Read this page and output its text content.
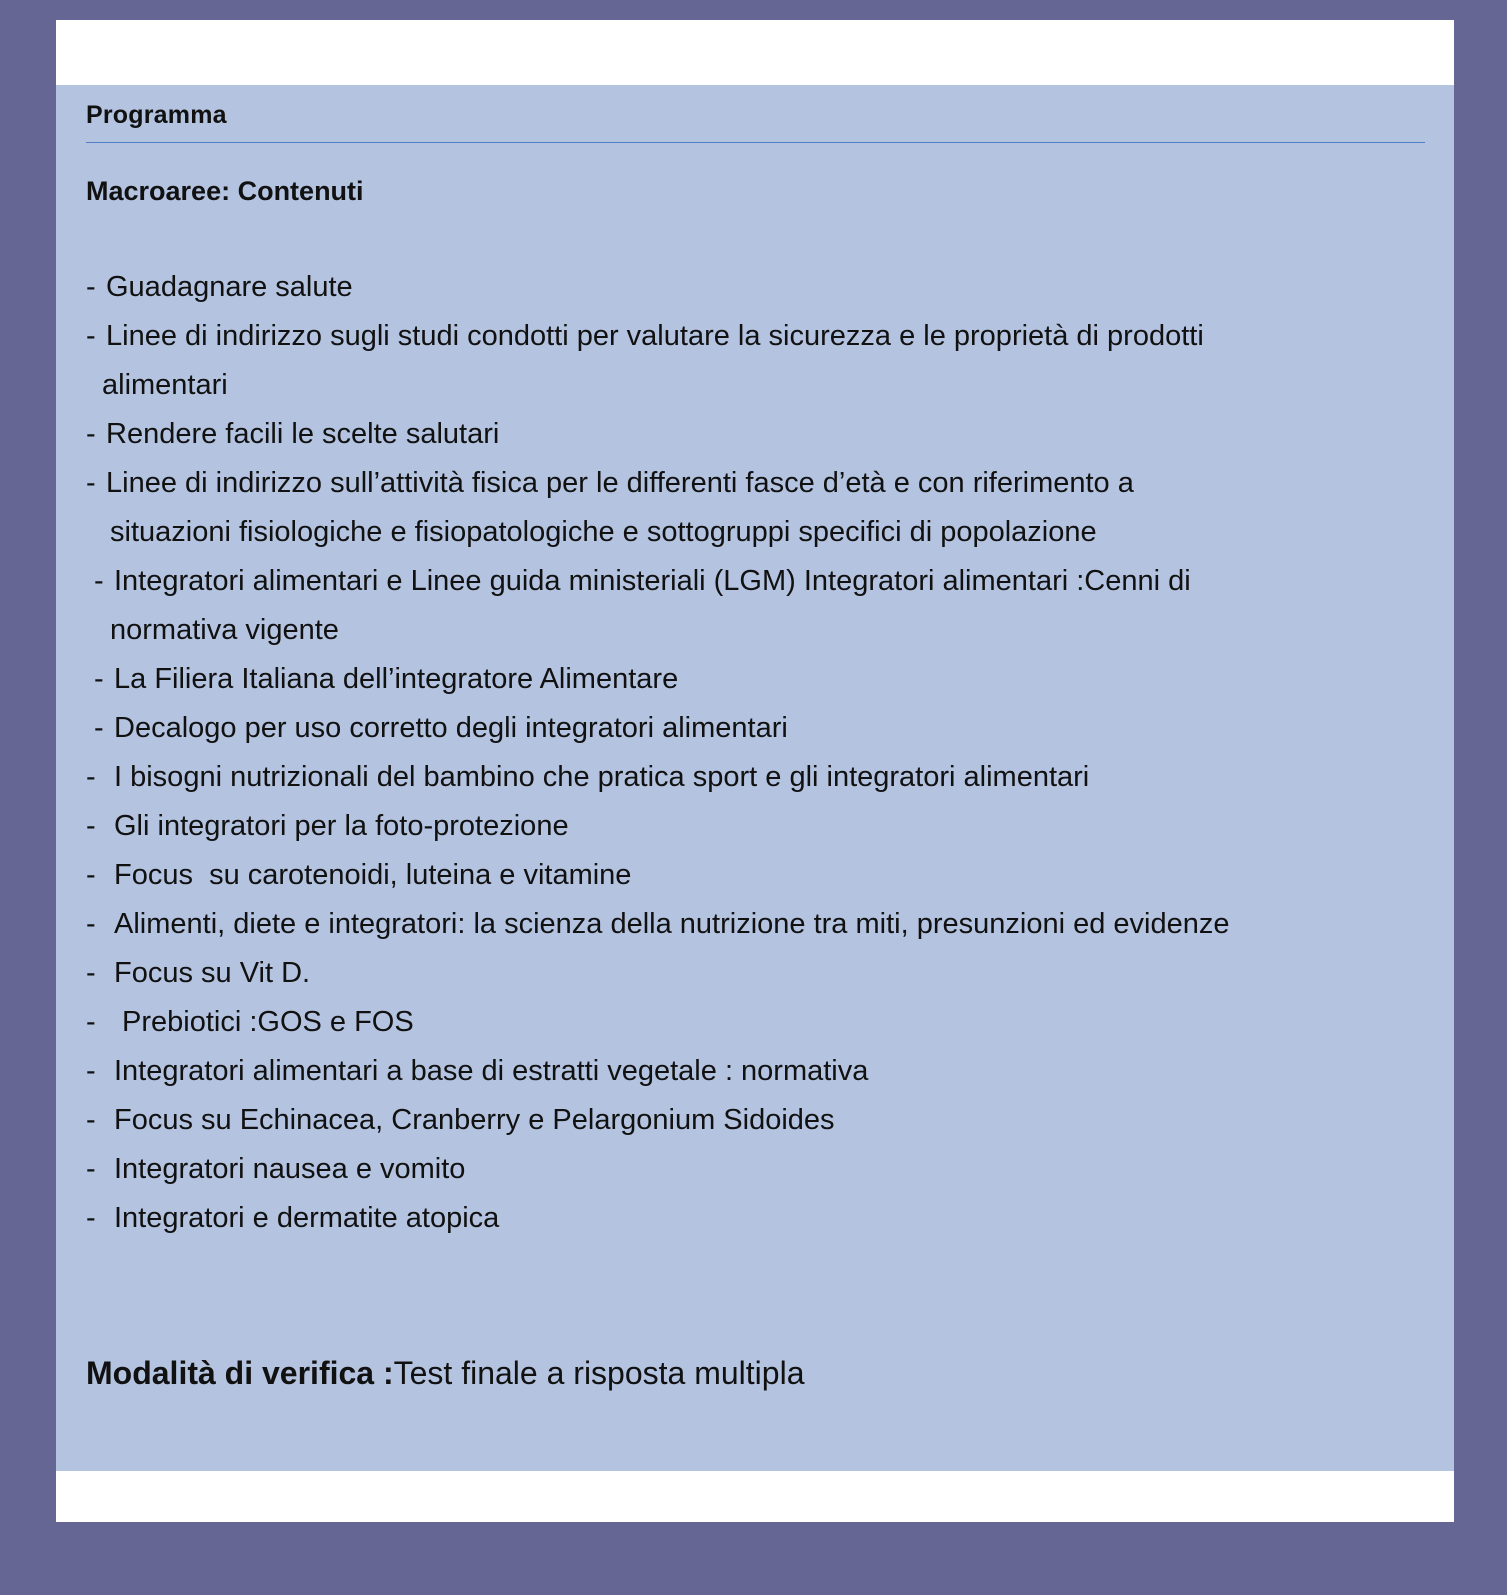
Programma
Macroaree: Contenuti
- Guadagnare salute
- Linee di indirizzo sugli studi condotti per valutare la sicurezza e le proprietà di prodotti
alimentari
- Rendere facili le scelte salutari
- Linee di indirizzo sull’attività fisica per le differenti fasce d’età e con riferimento a
situazioni fisiologiche e fisiopatologiche e sottogruppi specifici di popolazione
- Integratori alimentari e Linee guida ministeriali (LGM) Integratori alimentari :Cenni di
normativa vigente
- La Filiera Italiana dell’integratore Alimentare
- Decalogo per uso corretto degli integratori alimentari
- I bisogni nutrizionali del bambino che pratica sport e gli integratori alimentari
- Gli integratori per la foto-protezione
- Focus  su carotenoidi, luteina e vitamine
- Alimenti, diete e integratori: la scienza della nutrizione tra miti, presunzioni ed evidenze
- Focus su Vit D.
- Prebiotici :GOS e FOS
- Integratori alimentari a base di estratti vegetale : normativa
- Focus su Echinacea, Cranberry e Pelargonium Sidoides
- Integratori nausea e vomito
- Integratori e dermatite atopica
Modalità di verifica :Test finale a risposta multipla
